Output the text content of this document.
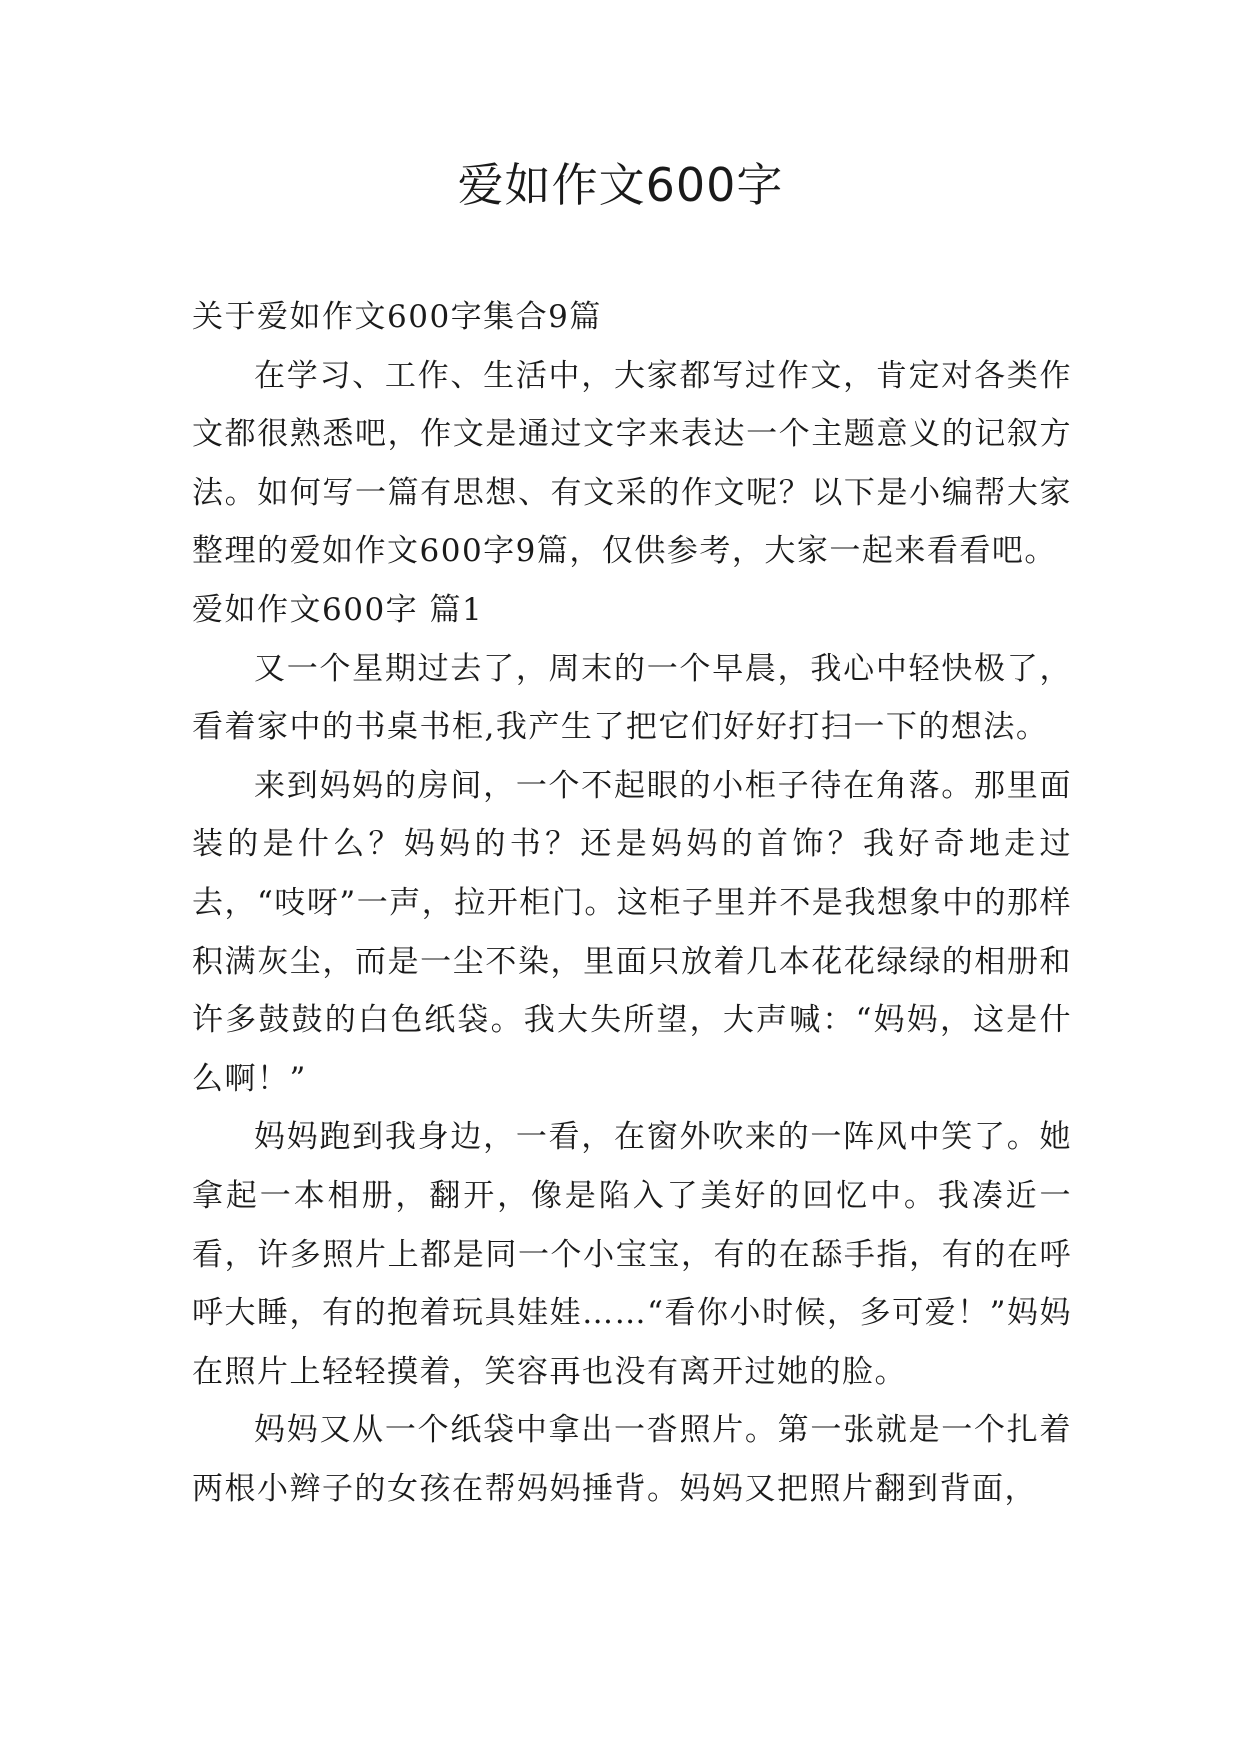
爱如作文600字

关于爱如作文600字集合9篇

在学习、工作、生活中，大家都写过作文，肯定对各类作文都很熟悉吧，作文是通过文字来表达一个主题意义的记叙方法。如何写一篇有思想、有文采的作文呢？以下是小编帮大家整理的爱如作文600字9篇，仅供参考，大家一起来看看吧。

爱如作文600字 篇1

又一个星期过去了，周末的一个早晨，我心中轻快极了，看着家中的书桌书柜,我产生了把它们好好打扫一下的想法。

来到妈妈的房间，一个不起眼的小柜子待在角落。那里面装的是什么？妈妈的书？还是妈妈的首饰？我好奇地走过去，“吱呀”一声，拉开柜门。这柜子里并不是我想象中的那样积满灰尘，而是一尘不染，里面只放着几本花花绿绿的相册和许多鼓鼓的白色纸袋。我大失所望，大声喊：“妈妈，这是什么啊！”

妈妈跑到我身边，一看，在窗外吹来的一阵风中笑了。她拿起一本相册，翻开，像是陷入了美好的回忆中。我凑近一看，许多照片上都是同一个小宝宝，有的在舔手指，有的在呼呼大睡，有的抱着玩具娃娃……“看你小时候，多可爱！”妈妈在照片上轻轻摸着，笑容再也没有离开过她的脸。

妈妈又从一个纸袋中拿出一沓照片。第一张就是一个扎着两根小辫子的女孩在帮妈妈捶背。妈妈又把照片翻到背面，
